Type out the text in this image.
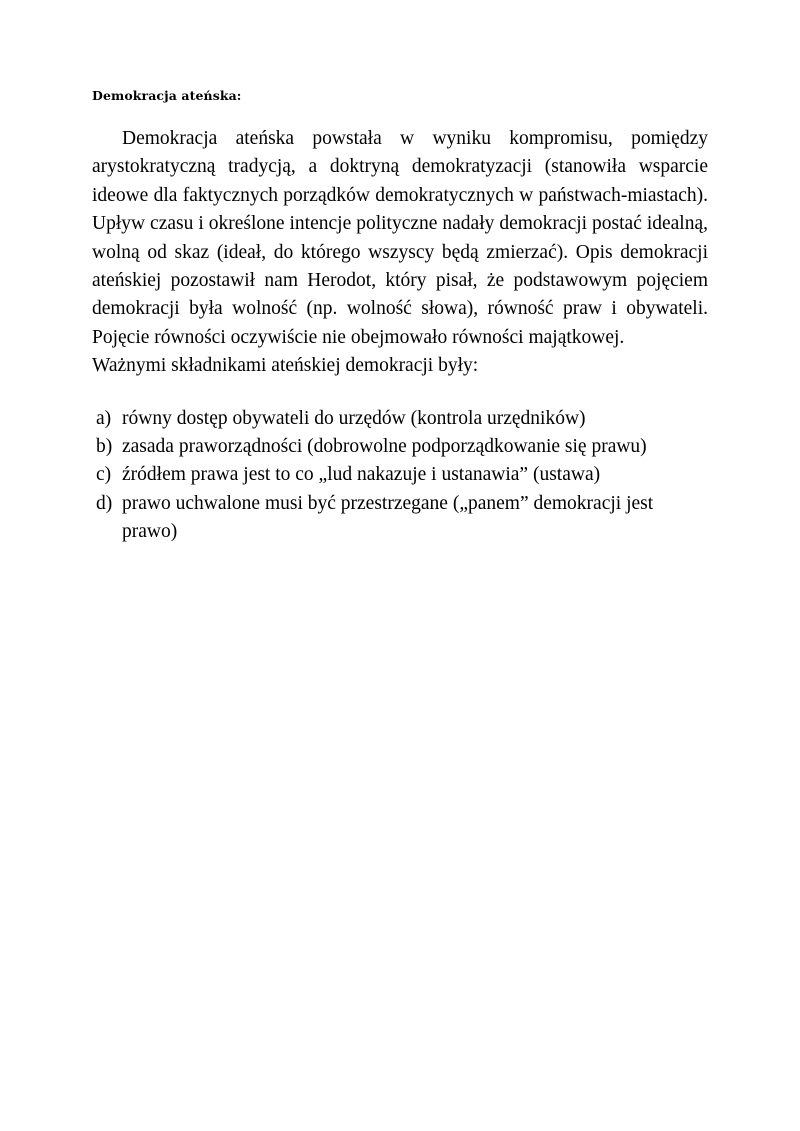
Demokracja ateńska:

Demokracja ateńska powstała w wyniku kompromisu, pomiędzy arystokratyczną tradycją, a doktryną demokratyzacji (stanowiła wsparcie ideowe dla faktycznych porządków demokratycznych w państwach-miastach). Upływ czasu i określone intencje polityczne nadały demokracji postać idealną, wolną od skaz (ideał, do którego wszyscy będą zmierzać). Opis demokracji ateńskiej pozostawił nam Herodot, który pisał, że podstawowym pojęciem demokracji była wolność (np. wolność słowa), równość praw i obywateli. Pojęcie równości oczywiście nie obejmowało równości majątkowej.

Ważnymi składnikami ateńskiej demokracji były:

a) równy dostęp obywateli do urzędów (kontrola urzędników)
b) zasada praworządności (dobrowolne podporządkowanie się prawu)
c) źródłem prawa jest to co „lud nakazuje i ustanawia” (ustawa)
d) prawo uchwalone musi być przestrzegane („panem” demokracji jest prawo)
